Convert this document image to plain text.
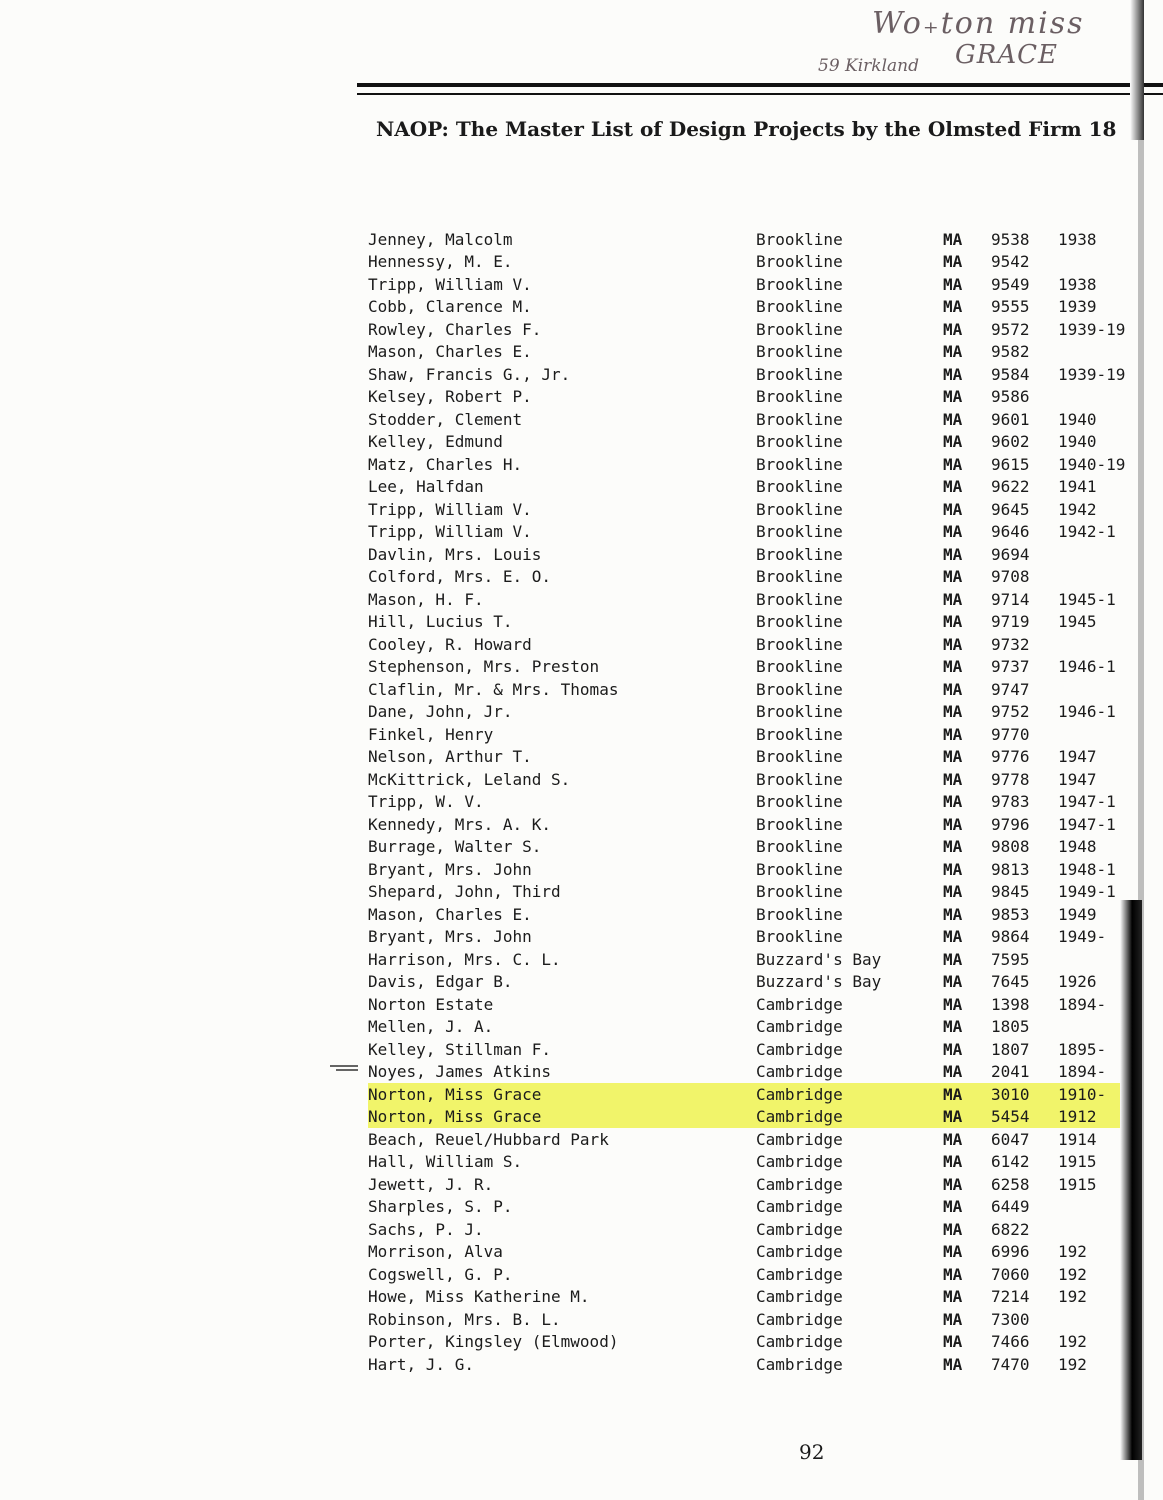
Wo₊ton miss
GRACE
59 Kirkland
NAOP: The Master List of Design Projects by the Olmsted Firm 18
Jenney, Malcolm	Brookline	MA	9538	1938
Hennessy, M. E.	Brookline	MA	9542	
Tripp, William V.	Brookline	MA	9549	1938
Cobb, Clarence M.	Brookline	MA	9555	1939
Rowley, Charles F.	Brookline	MA	9572	1939-19
Mason, Charles E.	Brookline	MA	9582	
Shaw, Francis G., Jr.	Brookline	MA	9584	1939-19
Kelsey, Robert P.	Brookline	MA	9586	
Stodder, Clement	Brookline	MA	9601	1940
Kelley, Edmund	Brookline	MA	9602	1940
Matz, Charles H.	Brookline	MA	9615	1940-19
Lee, Halfdan	Brookline	MA	9622	1941
Tripp, William V.	Brookline	MA	9645	1942
Tripp, William V.	Brookline	MA	9646	1942-1
Davlin, Mrs. Louis	Brookline	MA	9694	
Colford, Mrs. E. O.	Brookline	MA	9708	
Mason, H. F.	Brookline	MA	9714	1945-1
Hill, Lucius T.	Brookline	MA	9719	1945
Cooley, R. Howard	Brookline	MA	9732	
Stephenson, Mrs. Preston	Brookline	MA	9737	1946-1
Claflin, Mr. & Mrs. Thomas	Brookline	MA	9747	
Dane, John, Jr.	Brookline	MA	9752	1946-1
Finkel, Henry	Brookline	MA	9770	
Nelson, Arthur T.	Brookline	MA	9776	1947
McKittrick, Leland S.	Brookline	MA	9778	1947
Tripp, W. V.	Brookline	MA	9783	1947-1
Kennedy, Mrs. A. K.	Brookline	MA	9796	1947-1
Burrage, Walter S.	Brookline	MA	9808	1948
Bryant, Mrs. John	Brookline	MA	9813	1948-1
Shepard, John, Third	Brookline	MA	9845	1949-1
Mason, Charles E.	Brookline	MA	9853	1949
Bryant, Mrs. John	Brookline	MA	9864	1949-
Harrison, Mrs. C. L.	Buzzard's Bay	MA	7595	
Davis, Edgar B.	Buzzard's Bay	MA	7645	1926
Norton Estate	Cambridge	MA	1398	1894-
Mellen, J. A.	Cambridge	MA	1805	
Kelley, Stillman F.	Cambridge	MA	1807	1895-
Noyes, James Atkins	Cambridge	MA	2041	1894-
Norton, Miss Grace	Cambridge	MA	3010	1910-
Norton, Miss Grace	Cambridge	MA	5454	1912
Beach, Reuel/Hubbard Park	Cambridge	MA	6047	1914
Hall, William S.	Cambridge	MA	6142	1915
Jewett, J. R.	Cambridge	MA	6258	1915
Sharples, S. P.	Cambridge	MA	6449	
Sachs, P. J.	Cambridge	MA	6822	
Morrison, Alva	Cambridge	MA	6996	192
Cogswell, G. P.	Cambridge	MA	7060	192
Howe, Miss Katherine M.	Cambridge	MA	7214	192
Robinson, Mrs. B. L.	Cambridge	MA	7300	
Porter, Kingsley (Elmwood)	Cambridge	MA	7466	192
Hart, J. G.	Cambridge	MA	7470	192
92
